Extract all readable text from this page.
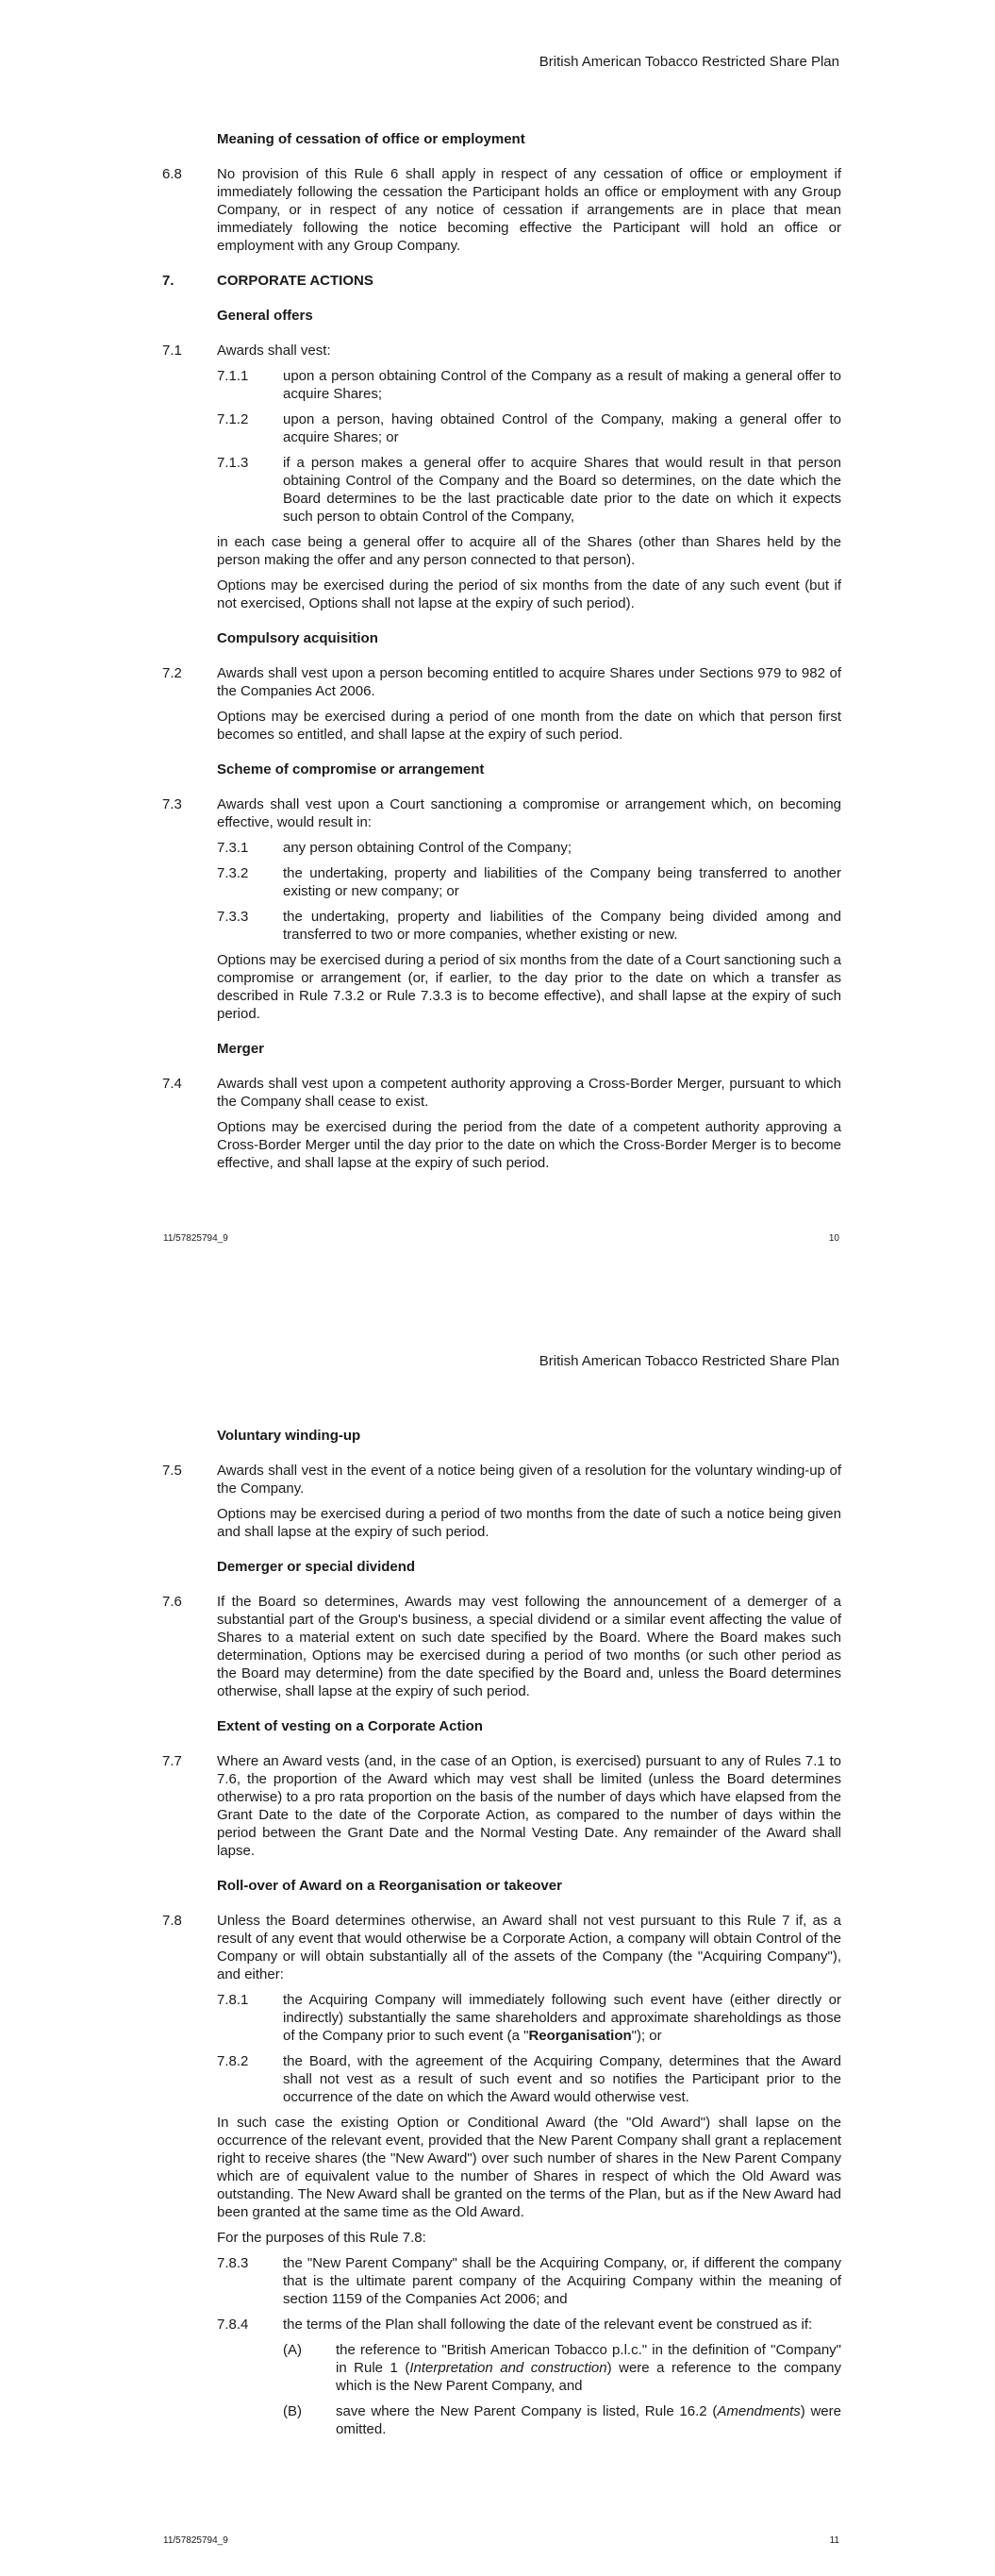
British American Tobacco Restricted Share Plan
Meaning of cessation of office or employment
6.8	No provision of this Rule 6 shall apply in respect of any cessation of office or employment if immediately following the cessation the Participant holds an office or employment with any Group Company, or in respect of any notice of cessation if arrangements are in place that mean immediately following the notice becoming effective the Participant will hold an office or employment with any Group Company.
7.	CORPORATE ACTIONS
General offers
7.1	Awards shall vest:
7.1.1	upon a person obtaining Control of the Company as a result of making a general offer to acquire Shares;
7.1.2	upon a person, having obtained Control of the Company, making a general offer to acquire Shares; or
7.1.3	if a person makes a general offer to acquire Shares that would result in that person obtaining Control of the Company and the Board so determines, on the date which the Board determines to be the last practicable date prior to the date on which it expects such person to obtain Control of the Company,
in each case being a general offer to acquire all of the Shares (other than Shares held by the person making the offer and any person connected to that person).
Options may be exercised during the period of six months from the date of any such event (but if not exercised, Options shall not lapse at the expiry of such period).
Compulsory acquisition
7.2	Awards shall vest upon a person becoming entitled to acquire Shares under Sections 979 to 982 of the Companies Act 2006.
Options may be exercised during a period of one month from the date on which that person first becomes so entitled, and shall lapse at the expiry of such period.
Scheme of compromise or arrangement
7.3	Awards shall vest upon a Court sanctioning a compromise or arrangement which, on becoming effective, would result in:
7.3.1	any person obtaining Control of the Company;
7.3.2	the undertaking, property and liabilities of the Company being transferred to another existing or new company; or
7.3.3	the undertaking, property and liabilities of the Company being divided among and transferred to two or more companies, whether existing or new.
Options may be exercised during a period of six months from the date of a Court sanctioning such a compromise or arrangement (or, if earlier, to the day prior to the date on which a transfer as described in Rule 7.3.2 or Rule 7.3.3 is to become effective), and shall lapse at the expiry of such period.
Merger
7.4	Awards shall vest upon a competent authority approving a Cross-Border Merger, pursuant to which the Company shall cease to exist.
Options may be exercised during the period from the date of a competent authority approving a Cross-Border Merger until the day prior to the date on which the Cross-Border Merger is to become effective, and shall lapse at the expiry of such period.
11/57825794_9	10
British American Tobacco Restricted Share Plan
Voluntary winding-up
7.5	Awards shall vest in the event of a notice being given of a resolution for the voluntary winding-up of the Company.
Options may be exercised during a period of two months from the date of such a notice being given and shall lapse at the expiry of such period.
Demerger or special dividend
7.6	If the Board so determines, Awards may vest following the announcement of a demerger of a substantial part of the Group's business, a special dividend or a similar event affecting the value of Shares to a material extent on such date specified by the Board. Where the Board makes such determination, Options may be exercised during a period of two months (or such other period as the Board may determine) from the date specified by the Board and, unless the Board determines otherwise, shall lapse at the expiry of such period.
Extent of vesting on a Corporate Action
7.7	Where an Award vests (and, in the case of an Option, is exercised) pursuant to any of Rules 7.1 to 7.6, the proportion of the Award which may vest shall be limited (unless the Board determines otherwise) to a pro rata proportion on the basis of the number of days which have elapsed from the Grant Date to the date of the Corporate Action, as compared to the number of days within the period between the Grant Date and the Normal Vesting Date. Any remainder of the Award shall lapse.
Roll-over of Award on a Reorganisation or takeover
7.8	Unless the Board determines otherwise, an Award shall not vest pursuant to this Rule 7 if, as a result of any event that would otherwise be a Corporate Action, a company will obtain Control of the Company or will obtain substantially all of the assets of the Company (the "Acquiring Company"), and either:
7.8.1	the Acquiring Company will immediately following such event have (either directly or indirectly) substantially the same shareholders and approximate shareholdings as those of the Company prior to such event (a "Reorganisation"); or
7.8.2	the Board, with the agreement of the Acquiring Company, determines that the Award shall not vest as a result of such event and so notifies the Participant prior to the occurrence of the date on which the Award would otherwise vest.
In such case the existing Option or Conditional Award (the "Old Award") shall lapse on the occurrence of the relevant event, provided that the New Parent Company shall grant a replacement right to receive shares (the "New Award") over such number of shares in the New Parent Company which are of equivalent value to the number of Shares in respect of which the Old Award was outstanding. The New Award shall be granted on the terms of the Plan, but as if the New Award had been granted at the same time as the Old Award.
For the purposes of this Rule 7.8:
7.8.3	the "New Parent Company" shall be the Acquiring Company, or, if different the company that is the ultimate parent company of the Acquiring Company within the meaning of section 1159 of the Companies Act 2006; and
7.8.4	the terms of the Plan shall following the date of the relevant event be construed as if:
(A)	the reference to "British American Tobacco p.l.c." in the definition of "Company" in Rule 1 (Interpretation and construction) were a reference to the company which is the New Parent Company, and
(B)	save where the New Parent Company is listed, Rule 16.2 (Amendments) were omitted.
11/57825794_9	11
